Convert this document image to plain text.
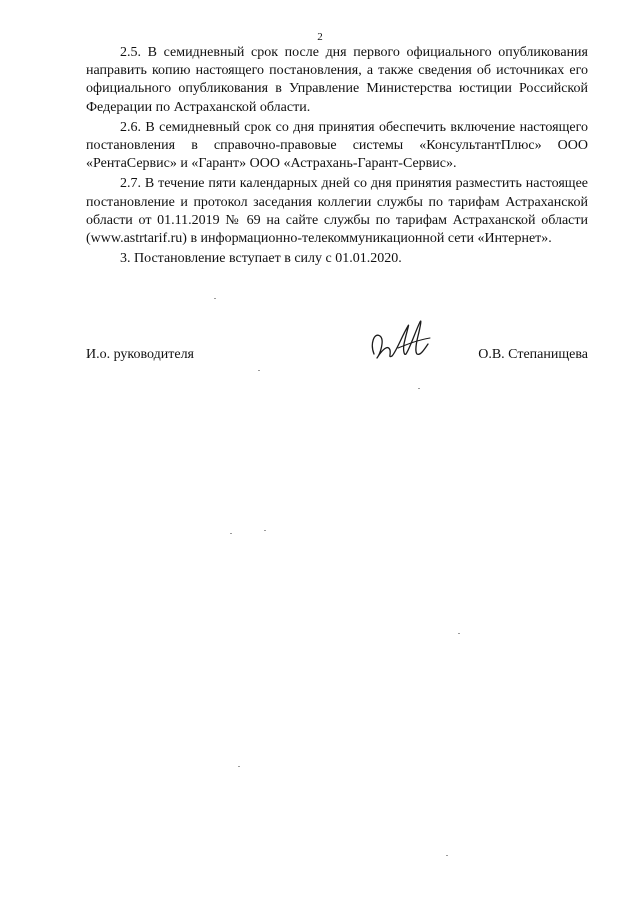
2

2.5. В семидневный срок после дня первого официального опубликования направить копию настоящего постановления, а также сведения об источниках его официального опубликования в Управление Министерства юстиции Российской Федерации по Астраханской области.

2.6. В семидневный срок со дня принятия обеспечить включение настоящего постановления в справочно-правовые системы «КонсультантПлюс» ООО «РентаСервис» и «Гарант» ООО «Астрахань-Гарант-Сервис».

2.7. В течение пяти календарных дней со дня принятия разместить настоящее постановление и протокол заседания коллегии службы по тарифам Астраханской области от 01.11.2019 № 69 на сайте службы по тарифам Астраханской области (www.astrtarif.ru) в информационно-телекоммуникационной сети «Интернет».

3. Постановление вступает в силу с 01.01.2020.

И.о. руководителя	О.В. Степанищева
